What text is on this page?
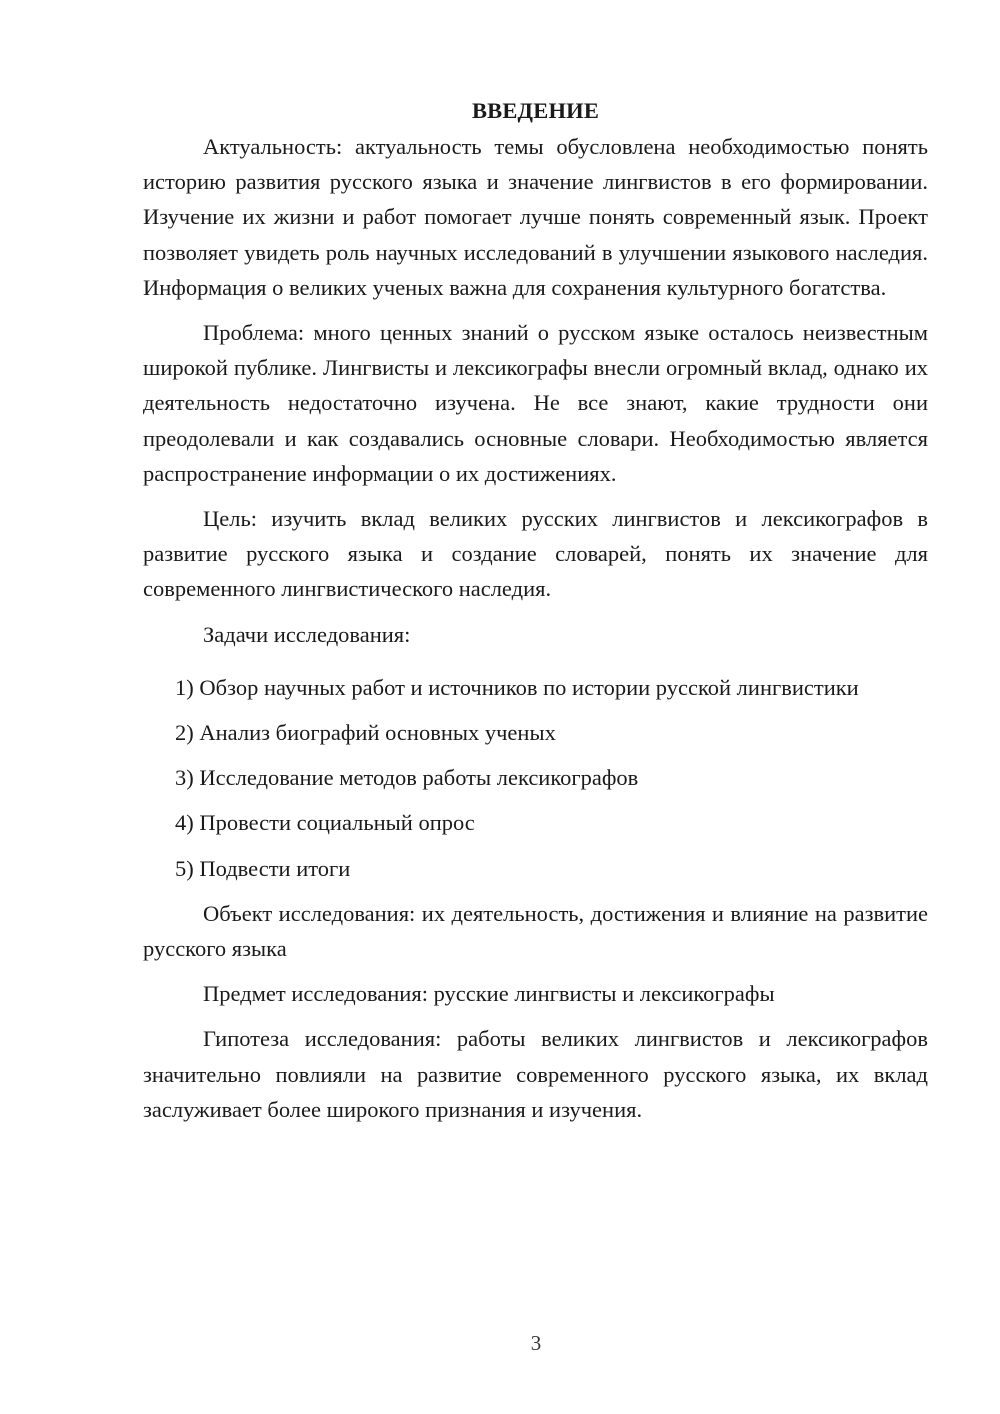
ВВЕДЕНИЕ

Актуальность: актуальность темы обусловлена необходимостью понять историю развития русского языка и значение лингвистов в его формировании. Изучение их жизни и работ помогает лучше понять современный язык. Проект позволяет увидеть роль научных исследований в улучшении языкового наследия. Информация о великих ученых важна для сохранения культурного богатства.

Проблема: много ценных знаний о русском языке осталось неизвестным широкой публике. Лингвисты и лексикографы внесли огромный вклад, однако их деятельность недостаточно изучена. Не все знают, какие трудности они преодолевали и как создавались основные словари. Необходимостью является распространение информации о их достижениях.

Цель: изучить вклад великих русских лингвистов и лексикографов в развитие русского языка и создание словарей, понять их значение для современного лингвистического наследия.

Задачи исследования:

1) Обзор научных работ и источников по истории русской лингвистики

2) Анализ биографий основных ученых

3) Исследование методов работы лексикографов

4) Провести социальный опрос

5) Подвести итоги

Объект исследования: их деятельность, достижения и влияние на развитие русского языка

Предмет исследования: русские лингвисты и лексикографы

Гипотеза исследования: работы великих лингвистов и лексикографов значительно повлияли на развитие современного русского языка, их вклад заслуживает более широкого признания и изучения.

3
